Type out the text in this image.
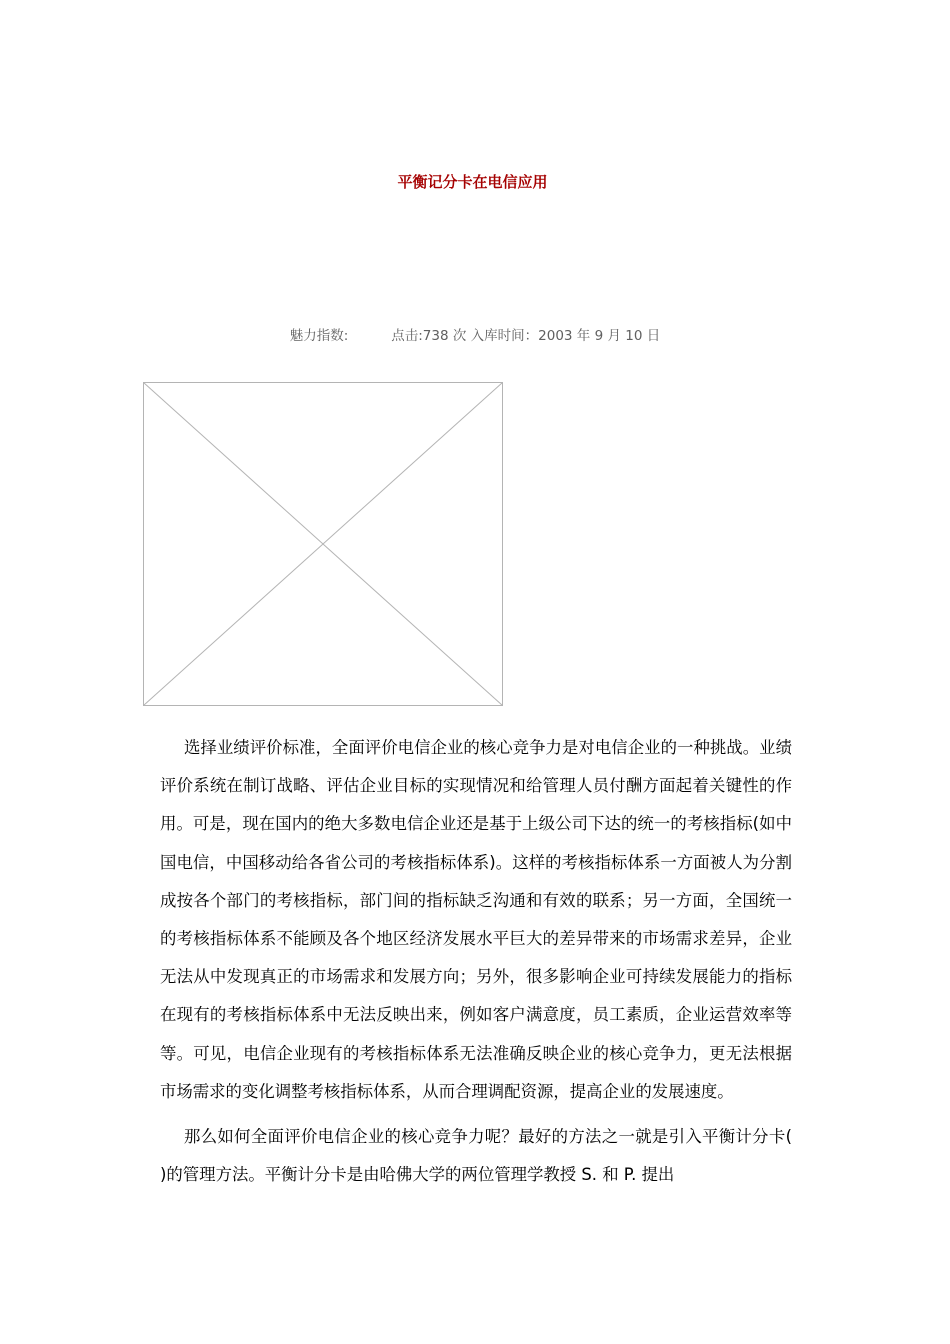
平衡记分卡在电信应用
魅力指数:	点击:738 次 入库时间：2003 年 9 月 10 日

选择业绩评价标准，全面评价电信企业的核心竞争力是对电信企业的一种挑战。业绩评价系统在制订战略、评估企业目标的实现情况和给管理人员付酬方面起着关键性的作用。可是，现在国内的绝大多数电信企业还是基于上级公司下达的统一的考核指标(如中国电信，中国移动给各省公司的考核指标体系)。这样的考核指标体系一方面被人为分割成按各个部门的考核指标，部门间的指标缺乏沟通和有效的联系；另一方面，全国统一的考核指标体系不能顾及各个地区经济发展水平巨大的差异带来的市场需求差异，企业无法从中发现真正的市场需求和发展方向；另外，很多影响企业可持续发展能力的指标在现有的考核指标体系中无法反映出来，例如客户满意度，员工素质，企业运营效率等等。可见，电信企业现有的考核指标体系无法准确反映企业的核心竞争力，更无法根据市场需求的变化调整考核指标体系，从而合理调配资源，提高企业的发展速度。

那么如何全面评价电信企业的核心竞争力呢？最好的方法之一就是引入平衡计分卡( )的管理方法。平衡计分卡是由哈佛大学的两位管理学教授 S. 和 P. 提出
